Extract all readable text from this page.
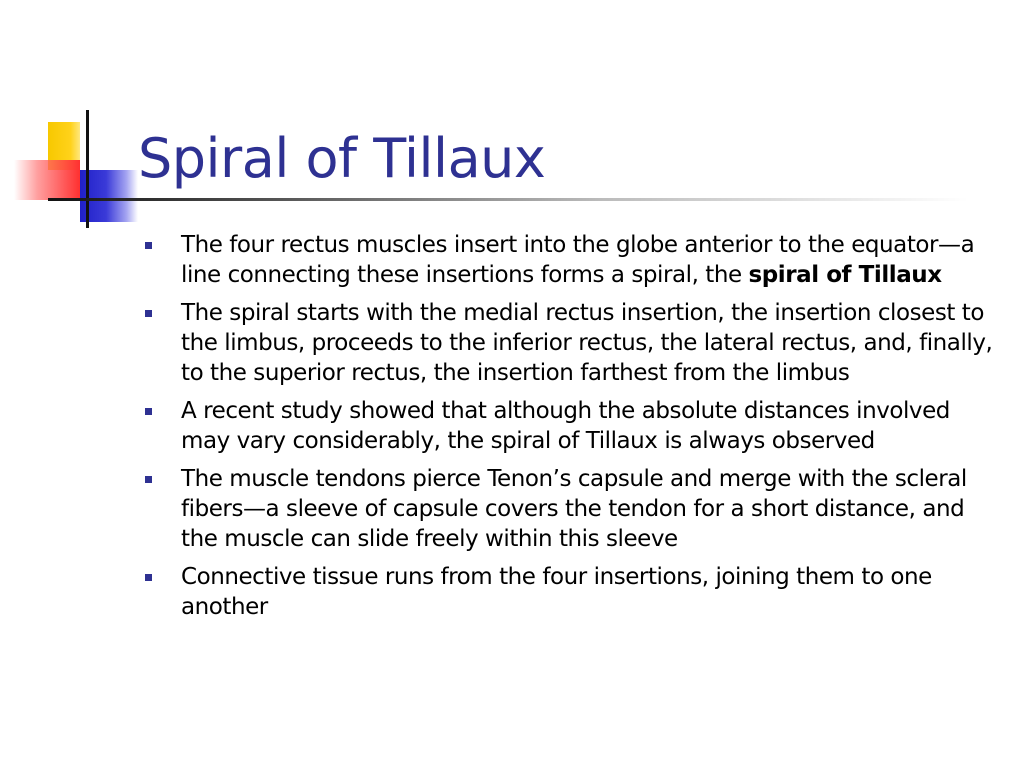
Spiral of Tillaux
The four rectus muscles insert into the globe anterior to the equator—a line connecting these insertions forms a spiral, the spiral of Tillaux
The spiral starts with the medial rectus insertion, the insertion closest to the limbus, proceeds to the inferior rectus, the lateral rectus, and, finally, to the superior rectus, the insertion farthest from the limbus
A recent study showed that although the absolute distances involved may vary considerably, the spiral of Tillaux is always observed
The muscle tendons pierce Tenon’s capsule and merge with the scleral fibers—a sleeve of capsule covers the tendon for a short distance, and the muscle can slide freely within this sleeve
Connective tissue runs from the four insertions, joining them to one another
